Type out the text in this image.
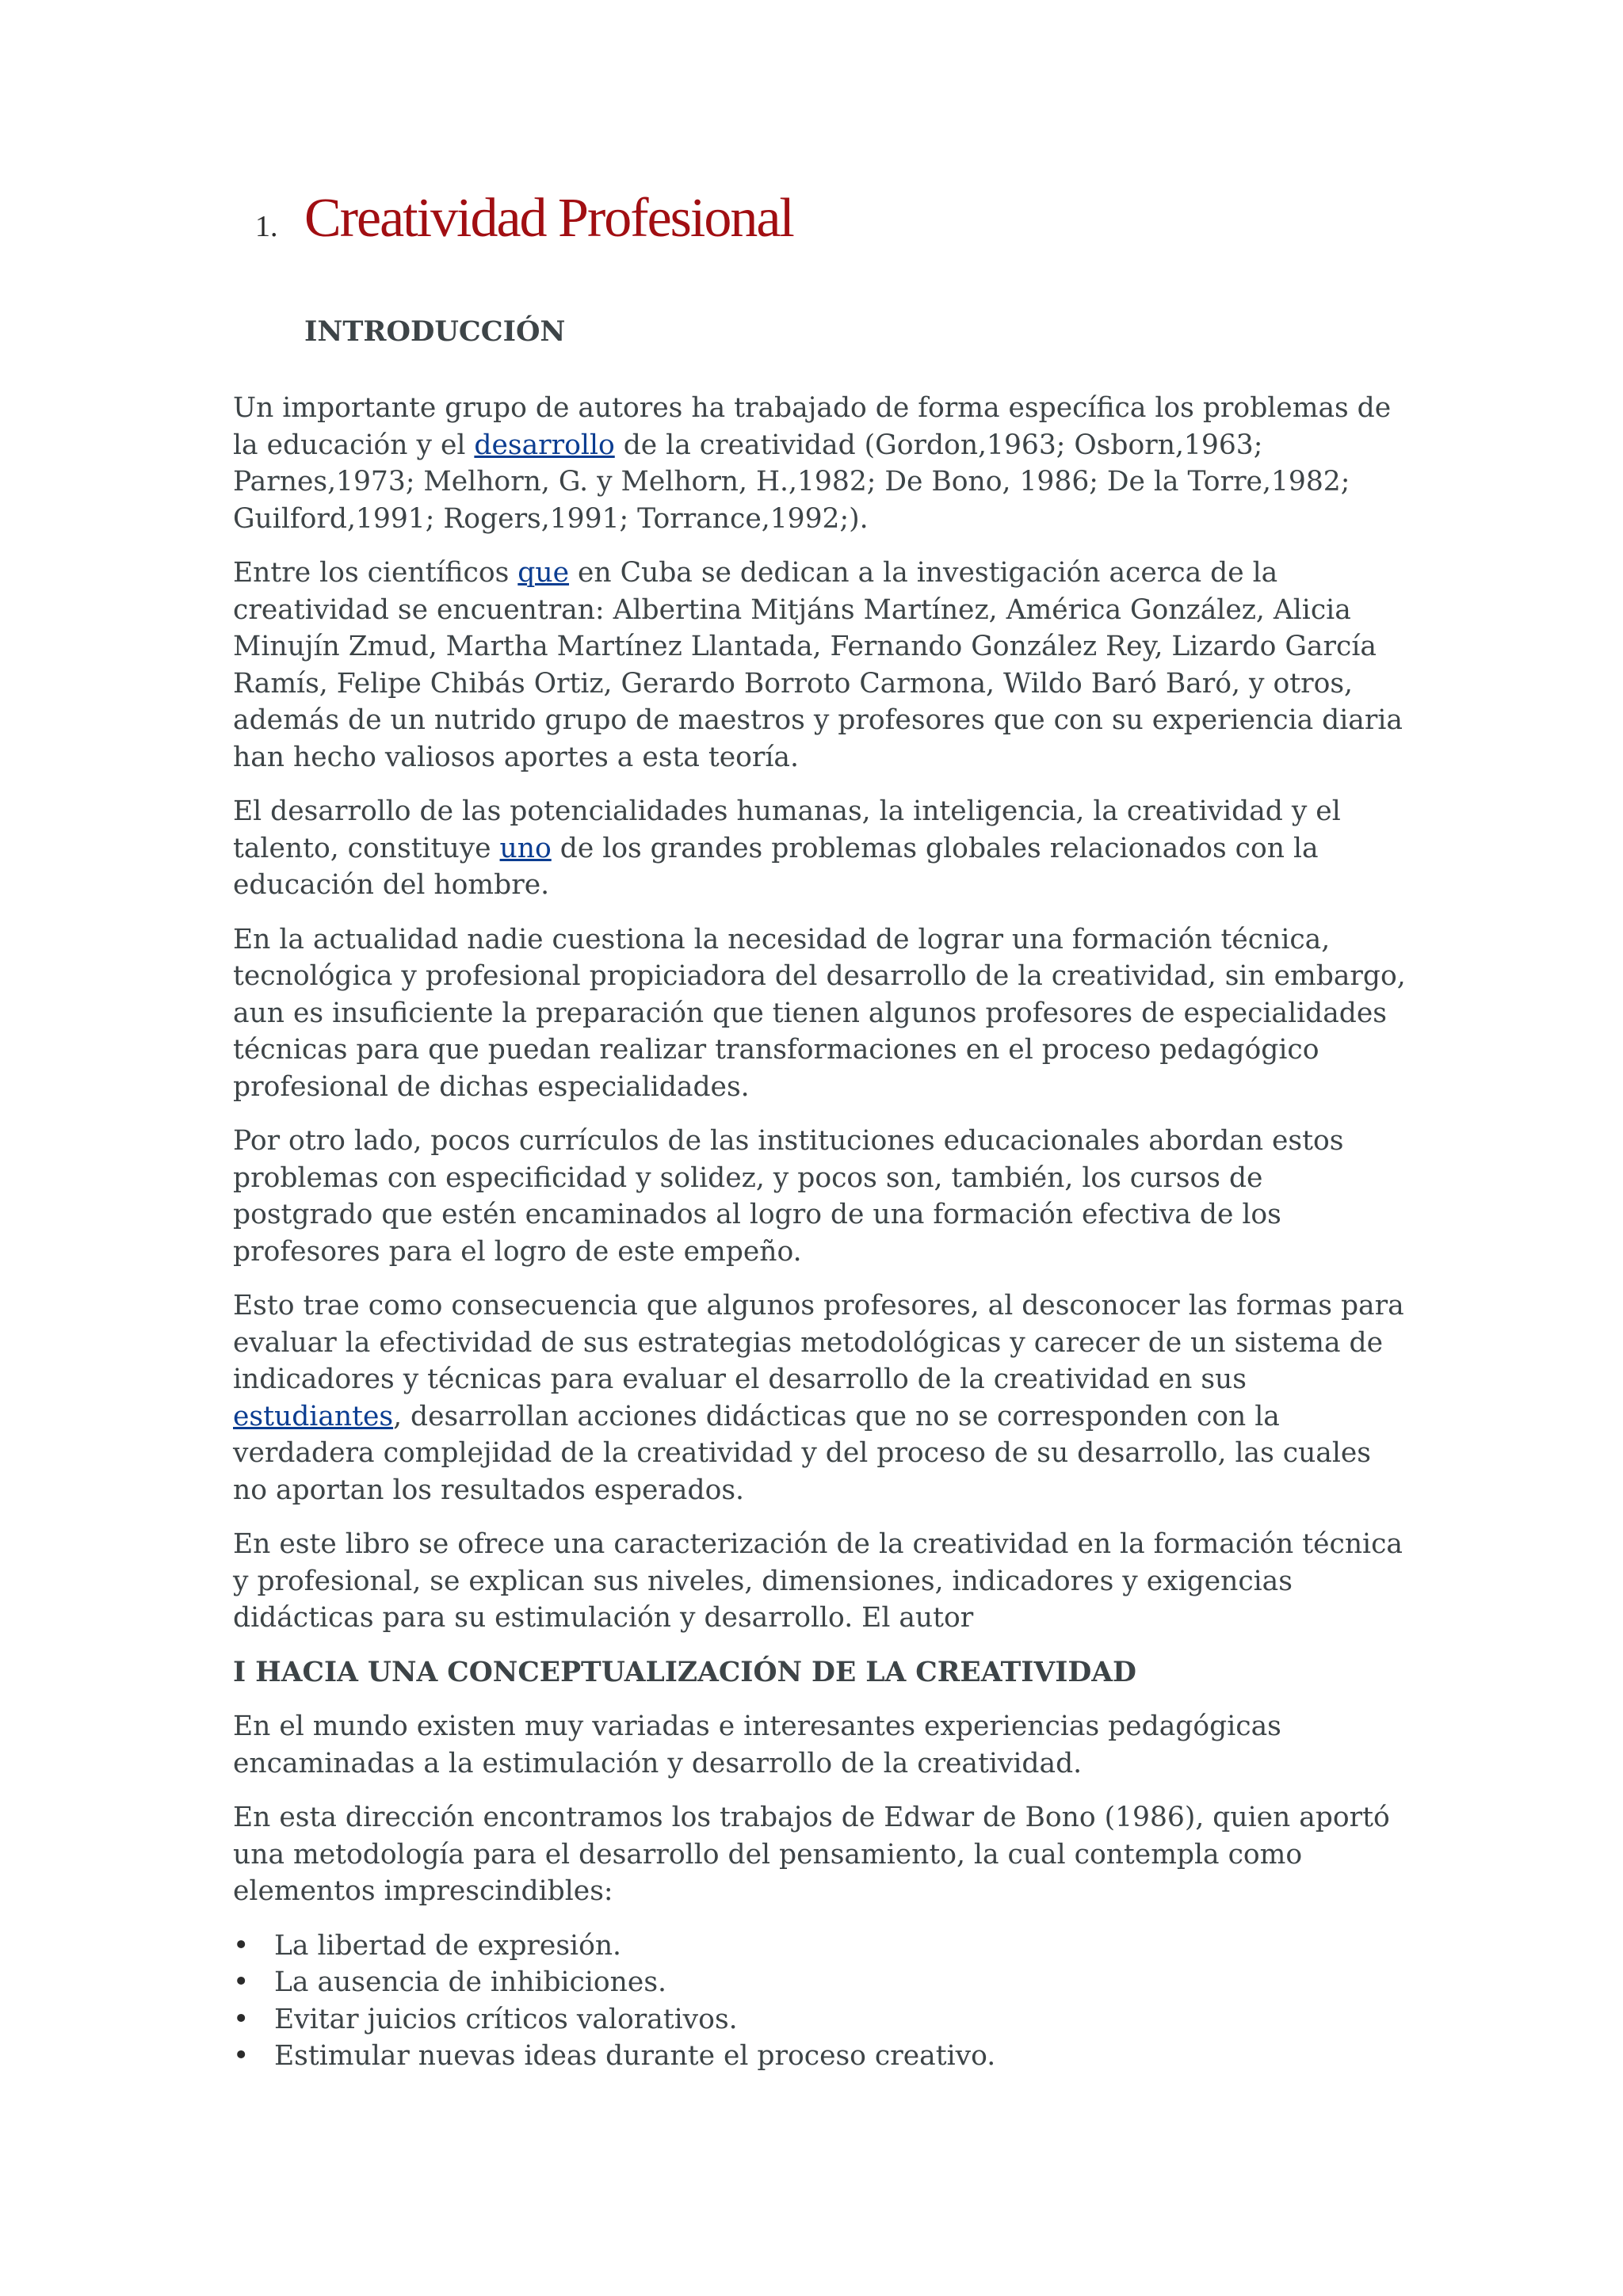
1. Creatividad Profesional
INTRODUCCIÓN

Un importante grupo de autores ha trabajado de forma específica los problemas de la educación y el desarrollo de la creatividad (Gordon,1963; Osborn,1963; Parnes,1973; Melhorn, G. y Melhorn, H.,1982; De Bono, 1986; De la Torre,1982; Guilford,1991; Rogers,1991; Torrance,1992;).

Entre los científicos que en Cuba se dedican a la investigación acerca de la creatividad se encuentran: Albertina Mitjáns Martínez, América González, Alicia Minujín Zmud, Martha Martínez Llantada, Fernando González Rey, Lizardo García Ramís, Felipe Chibás Ortiz, Gerardo Borroto Carmona, Wildo Baró Baró, y otros, además de un nutrido grupo de maestros y profesores que con su experiencia diaria han hecho valiosos aportes a esta teoría.

El desarrollo de las potencialidades humanas, la inteligencia, la creatividad y el talento, constituye uno de los grandes problemas globales relacionados con la educación del hombre.

En la actualidad nadie cuestiona la necesidad de lograr una formación técnica, tecnológica y profesional propiciadora del desarrollo de la creatividad, sin embargo, aun es insuficiente la preparación que tienen algunos profesores de especialidades técnicas para que puedan realizar transformaciones en el proceso pedagógico profesional de dichas especialidades.

Por otro lado, pocos currículos de las instituciones educacionales abordan estos problemas con especificidad y solidez, y pocos son, también, los cursos de postgrado que estén encaminados al logro de una formación efectiva de los profesores para el logro de este empeño.

Esto trae como consecuencia que algunos profesores, al desconocer las formas para evaluar la efectividad de sus estrategias metodológicas y carecer de un sistema de indicadores y técnicas para evaluar el desarrollo de la creatividad en sus estudiantes, desarrollan acciones didácticas que no se corresponden con la verdadera complejidad de la creatividad y del proceso de su desarrollo, las cuales no aportan los resultados esperados.

En este libro se ofrece una caracterización de la creatividad en la formación técnica y profesional, se explican sus niveles, dimensiones, indicadores y exigencias didácticas para su estimulación y desarrollo. El autor

I HACIA UNA CONCEPTUALIZACIÓN DE LA CREATIVIDAD

En el mundo existen muy variadas e interesantes experiencias pedagógicas encaminadas a la estimulación y desarrollo de la creatividad.

En esta dirección encontramos los trabajos de Edwar de Bono (1986), quien aportó una metodología para el desarrollo del pensamiento, la cual contempla como elementos imprescindibles:

• La libertad de expresión.
• La ausencia de inhibiciones.
• Evitar juicios críticos valorativos.
• Estimular nuevas ideas durante el proceso creativo.
